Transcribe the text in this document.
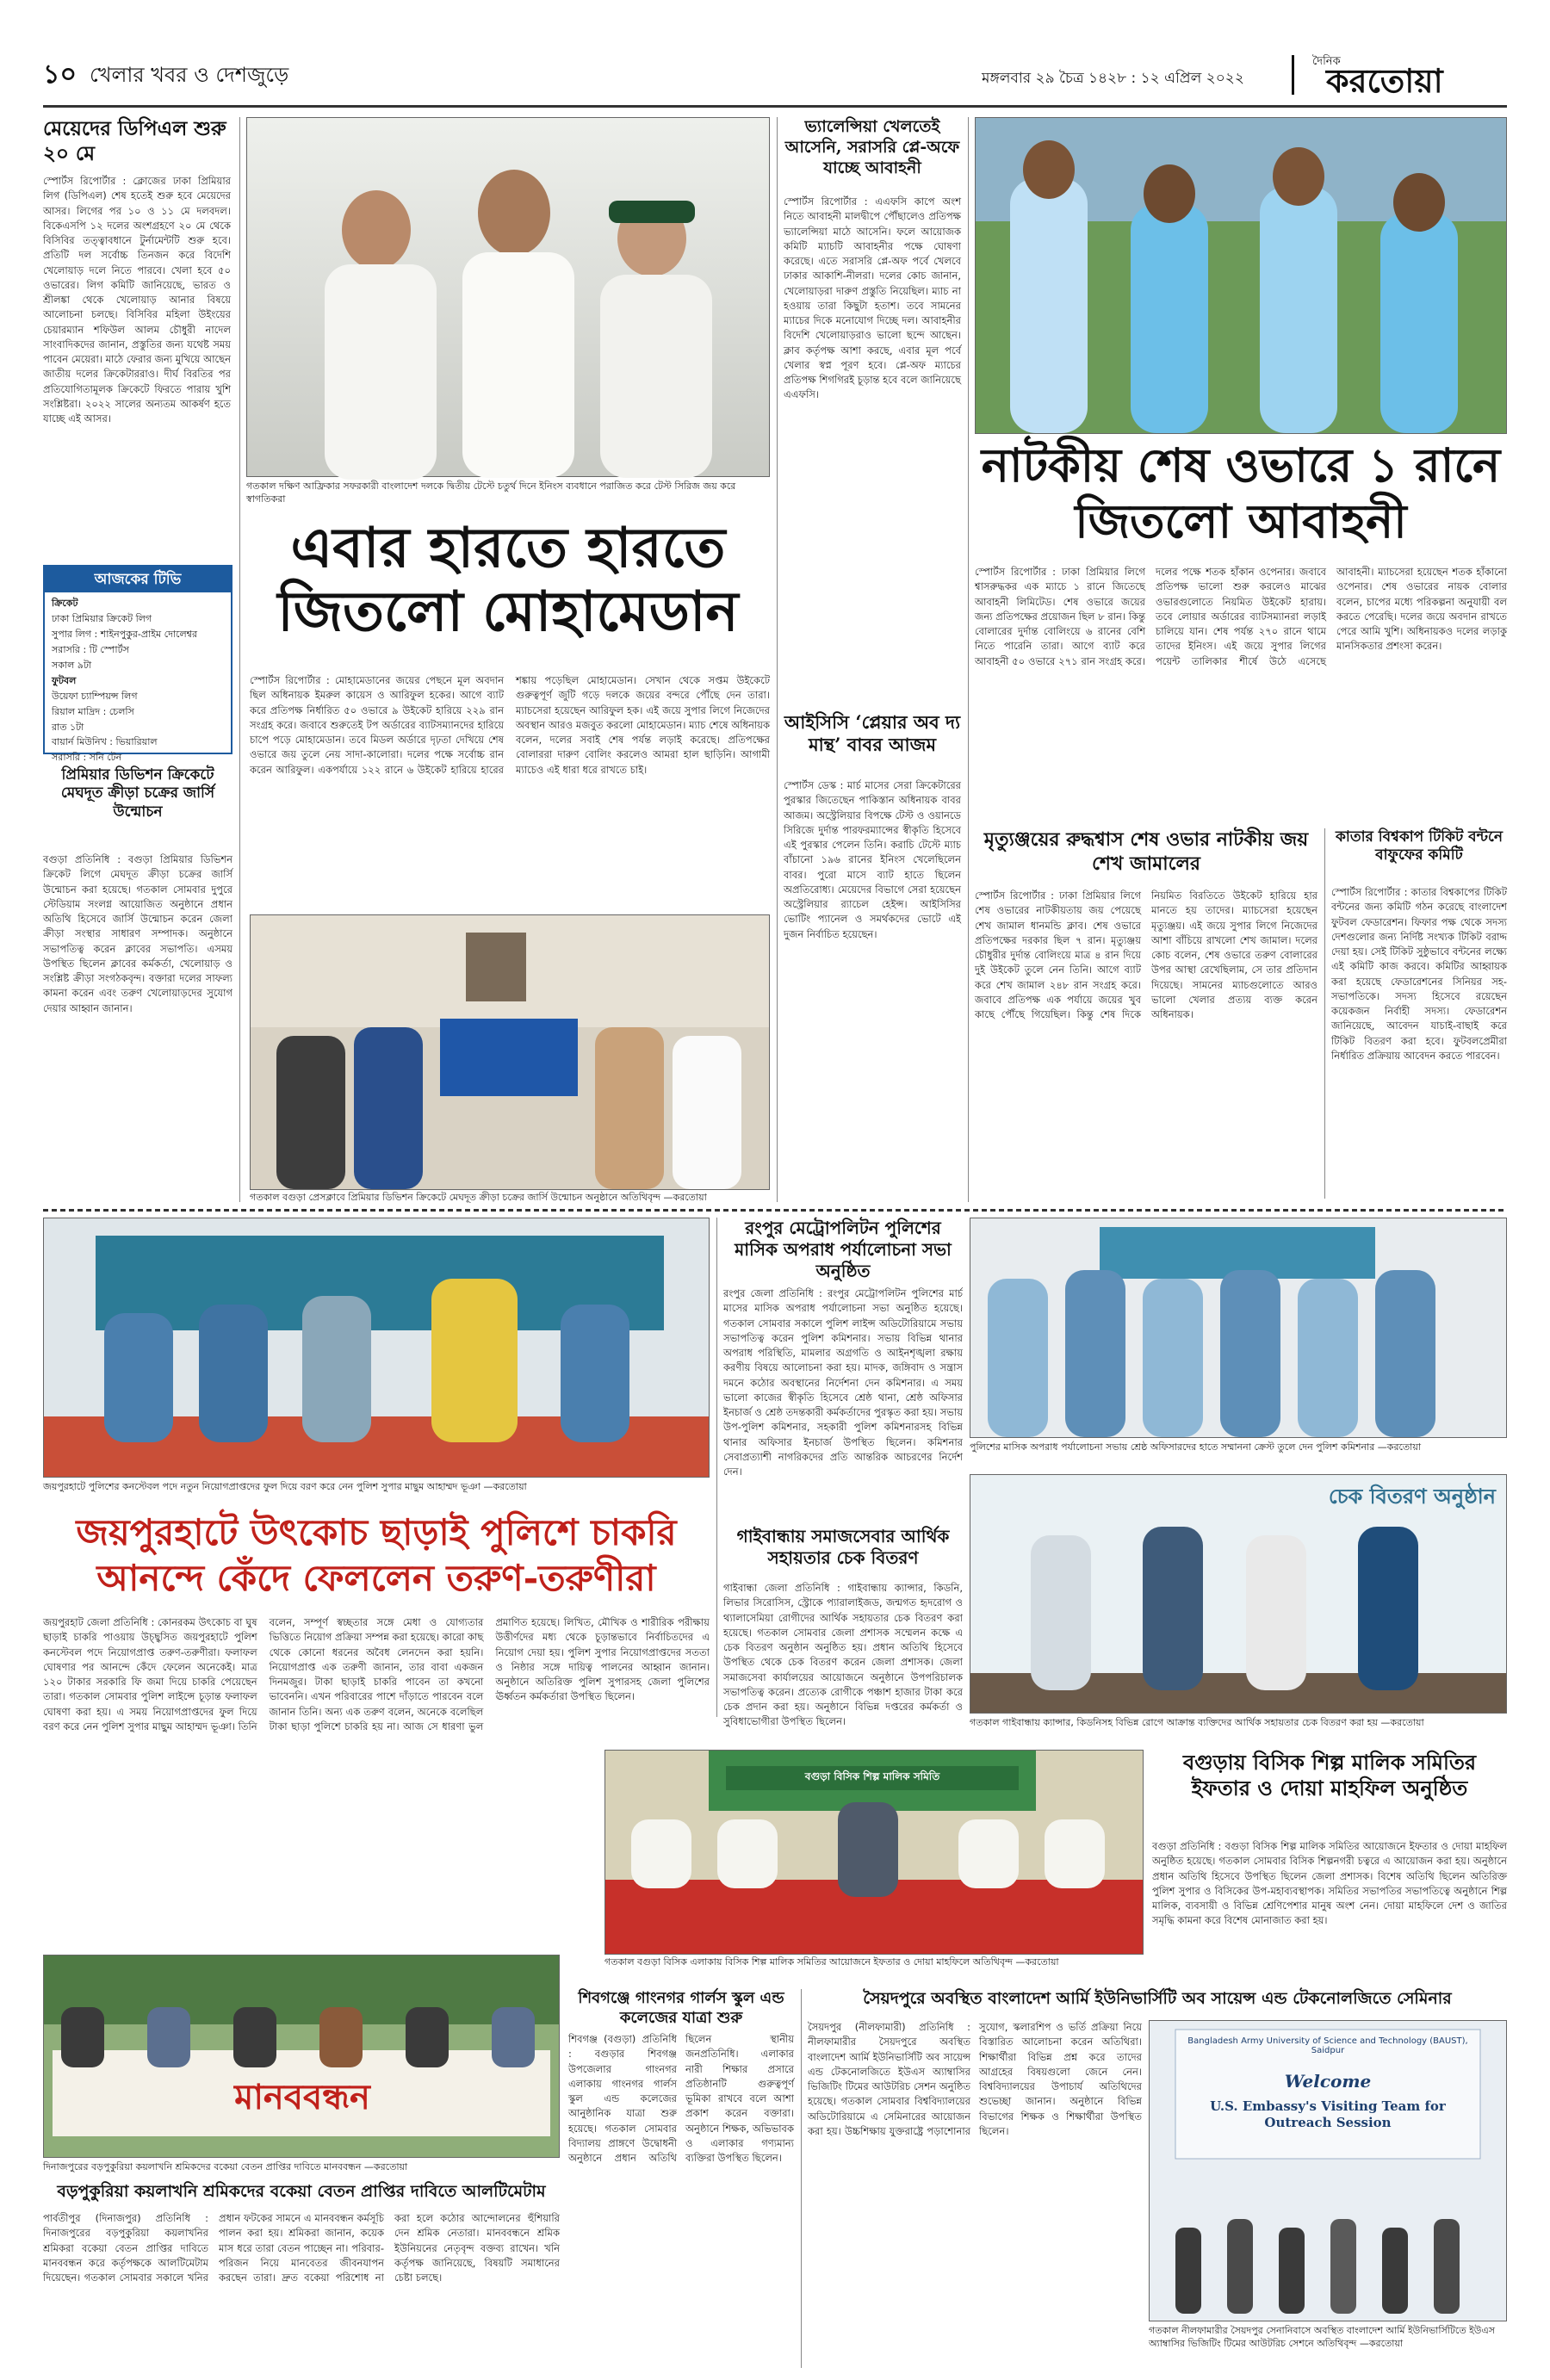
১০ খেলার খবর ও দেশজুড়ে	মঙ্গলবার ২৯ চৈত্র ১৪২৮ : ১২ এপ্রিল ২০২২
দৈনিক
করতোয়া
মেয়েদের ডিপিএল শুরু ২০ মে
স্পোর্টস রিপোর্টার : ক্লোজের ঢাকা প্রিমিয়ার লিগ (ডিপিএল) শেষ হতেই শুরু হবে মেয়েদের আসর। লিগের পর ১০ ও ১১ মে দলবদল। বিকেএসপি ১২ দলের অংশগ্রহণে ২০ মে থেকে বিসিবির তত্ত্বাবধানে টুর্নামেন্টটি শুরু হবে। প্রতিটি দল সর্বোচ্চ তিনজন করে বিদেশি খেলোয়াড় দলে নিতে পারবে। খেলা হবে ৫০ ওভারের। লিগ কমিটি জানিয়েছে, ভারত ও শ্রীলঙ্কা থেকে খেলোয়াড় আনার বিষয়ে আলোচনা চলছে। বিসিবির মহিলা উইংয়ের চেয়ারম্যান শফিউল আলম চৌধুরী নাদেল সাংবাদিকদের জানান, প্রস্তুতির জন্য যথেষ্ট সময় পাবেন মেয়েরা। মাঠে ফেরার জন্য মুখিয়ে আছেন জাতীয় দলের ক্রিকেটাররাও। দীর্ঘ বিরতির পর প্রতিযোগিতামূলক ক্রিকেটে ফিরতে পারায় খুশি সংশ্লিষ্টরা। ২০২২ সালের অন্যতম আকর্ষণ হতে যাচ্ছে এই আসর।
আজকের টিভি
ক্রিকেট
ঢাকা প্রিমিয়ার ক্রিকেট লিগ
সুপার লিগ : শাইনপুকুর-প্রাইম দোলেশ্বর
সরাসরি : টি স্পোর্টস
সকাল ৯টা
ফুটবল
উয়েফা চ্যাম্পিয়ন্স লিগ
রিয়াল মাদ্রিদ : চেলসি
রাত ১টা
বায়ার্ন মিউনিখ : ভিয়ারিয়াল
সরাসরি : সনি টেন
প্রিমিয়ার ডিভিশন ক্রিকেটে মেঘদূত ক্রীড়া চক্রের জার্সি উন্মোচন
বগুড়া প্রতিনিধি : বগুড়া প্রিমিয়ার ডিভিশন ক্রিকেট লিগে মেঘদূত ক্রীড়া চক্রের জার্সি উন্মোচন করা হয়েছে। গতকাল সোমবার দুপুরে স্টেডিয়াম সংলগ্ন আয়োজিত অনুষ্ঠানে প্রধান অতিথি হিসেবে জার্সি উন্মোচন করেন জেলা ক্রীড়া সংস্থার সাধারণ সম্পাদক। অনুষ্ঠানে সভাপতিত্ব করেন ক্লাবের সভাপতি। এসময় উপস্থিত ছিলেন ক্লাবের কর্মকর্তা, খেলোয়াড় ও সংশ্লিষ্ট ক্রীড়া সংগঠকবৃন্দ। বক্তারা দলের সাফল্য কামনা করেন এবং তরুণ খেলোয়াড়দের সুযোগ দেয়ার আহ্বান জানান।
গতকাল দক্ষিণ আফ্রিকার সফরকারী বাংলাদেশ দলকে দ্বিতীয় টেস্টে চতুর্থ দিনে ইনিংস ব্যবধানে পরাজিত করে টেস্ট সিরিজ জয় করে স্বাগতিকরা
এবার হারতে হারতে জিতলো মোহামেডান
স্পোর্টস রিপোর্টার : মোহামেডানের জয়ের পেছনে মূল অবদান ছিল অধিনায়ক ইমরুল কায়েস ও আরিফুল হকের। আগে ব্যাট করে প্রতিপক্ষ নির্ধারিত ৫০ ওভারে ৯ উইকেট হারিয়ে ২২৯ রান সংগ্রহ করে। জবাবে শুরুতেই টপ অর্ডারের ব্যাটসম্যানদের হারিয়ে চাপে পড়ে মোহামেডান। তবে মিডল অর্ডারে দৃঢ়তা দেখিয়ে শেষ ওভারে জয় তুলে নেয় সাদা-কালোরা। দলের পক্ষে সর্বোচ্চ রান করেন আরিফুল। একপর্যায়ে ১২২ রানে ৬ উইকেট হারিয়ে হারের শঙ্কায় পড়েছিল মোহামেডান। সেখান থেকে সপ্তম উইকেটে গুরুত্বপূর্ণ জুটি গড়ে দলকে জয়ের বন্দরে পৌঁছে দেন তারা। ম্যাচসেরা হয়েছেন আরিফুল হক। এই জয়ে সুপার লিগে নিজেদের অবস্থান আরও মজবুত করলো মোহামেডান। ম্যাচ শেষে অধিনায়ক বলেন, দলের সবাই শেষ পর্যন্ত লড়াই করেছে। প্রতিপক্ষের বোলাররা দারুণ বোলিং করলেও আমরা হাল ছাড়িনি। আগামী ম্যাচেও এই ধারা ধরে রাখতে চাই।
গতকাল বগুড়া প্রেসক্লাবে প্রিমিয়ার ডিভিশন ক্রিকেটে মেঘদূত ক্রীড়া চক্রের জার্সি উন্মোচন অনুষ্ঠানে অতিথিবৃন্দ —করতোয়া
ভ্যালেন্সিয়া খেলতেই আসেনি, সরাসরি প্লে-অফে যাচ্ছে আবাহনী
স্পোর্টস রিপোর্টার : এএফসি কাপে অংশ নিতে আবাহনী মালদ্বীপে পৌঁছালেও প্রতিপক্ষ ভ্যালেন্সিয়া মাঠে আসেনি। ফলে আয়োজক কমিটি ম্যাচটি আবাহনীর পক্ষে ঘোষণা করেছে। এতে সরাসরি প্লে-অফ পর্বে খেলবে ঢাকার আকাশি-নীলরা। দলের কোচ জানান, খেলোয়াড়রা দারুণ প্রস্তুতি নিয়েছিল। ম্যাচ না হওয়ায় তারা কিছুটা হতাশ। তবে সামনের ম্যাচের দিকে মনোযোগ দিচ্ছে দল। আবাহনীর বিদেশি খেলোয়াড়রাও ভালো ছন্দে আছেন। ক্লাব কর্তৃপক্ষ আশা করছে, এবার মূল পর্বে খেলার স্বপ্ন পূরণ হবে। প্লে-অফ ম্যাচের প্রতিপক্ষ শিগগিরই চূড়ান্ত হবে বলে জানিয়েছে এএফসি।
আইসিসি ‘প্লেয়ার অব দ্য মান্থ’ বাবর আজম
স্পোর্টস ডেস্ক : মার্চ মাসের সেরা ক্রিকেটারের পুরস্কার জিতেছেন পাকিস্তান অধিনায়ক বাবর আজম। অস্ট্রেলিয়ার বিপক্ষে টেস্ট ও ওয়ানডে সিরিজে দুর্দান্ত পারফরম্যান্সের স্বীকৃতি হিসেবে এই পুরস্কার পেলেন তিনি। করাচি টেস্টে ম্যাচ বাঁচানো ১৯৬ রানের ইনিংস খেলেছিলেন বাবর। পুরো মাসে ব্যাট হাতে ছিলেন অপ্রতিরোধ্য। মেয়েদের বিভাগে সেরা হয়েছেন অস্ট্রেলিয়ার র‍্যাচেল হেইন্স। আইসিসির ভোটিং প্যানেল ও সমর্থকদের ভোটে এই দুজন নির্বাচিত হয়েছেন।
নাটকীয় শেষ ওভারে ১ রানে জিতলো আবাহনী
স্পোর্টস রিপোর্টার : ঢাকা প্রিমিয়ার লিগে শ্বাসরুদ্ধকর এক ম্যাচে ১ রানে জিতেছে আবাহনী লিমিটেড। শেষ ওভারে জয়ের জন্য প্রতিপক্ষের প্রয়োজন ছিল ৮ রান। কিন্তু বোলারের দুর্দান্ত বোলিংয়ে ৬ রানের বেশি নিতে পারেনি তারা। আগে ব্যাট করে আবাহনী ৫০ ওভারে ২৭১ রান সংগ্রহ করে। দলের পক্ষে শতক হাঁকান ওপেনার। জবাবে প্রতিপক্ষ ভালো শুরু করলেও মাঝের ওভারগুলোতে নিয়মিত উইকেট হারায়। তবে লোয়ার অর্ডারের ব্যাটসম্যানরা লড়াই চালিয়ে যান। শেষ পর্যন্ত ২৭০ রানে থামে তাদের ইনিংস। এই জয়ে সুপার লিগের পয়েন্ট তালিকার শীর্ষে উঠে এসেছে আবাহনী। ম্যাচসেরা হয়েছেন শতক হাঁকানো ওপেনার। শেষ ওভারের নায়ক বোলার বলেন, চাপের মধ্যে পরিকল্পনা অনুযায়ী বল করতে পেরেছি। দলের জয়ে অবদান রাখতে পেরে আমি খুশি। অধিনায়কও দলের লড়াকু মানসিকতার প্রশংসা করেন।
মৃত্যুঞ্জয়ের রুদ্ধশ্বাস শেষ ওভার নাটকীয় জয় শেখ জামালের
স্পোর্টস রিপোর্টার : ঢাকা প্রিমিয়ার লিগে শেষ ওভারের নাটকীয়তায় জয় পেয়েছে শেখ জামাল ধানমন্ডি ক্লাব। শেষ ওভারে প্রতিপক্ষের দরকার ছিল ৭ রান। মৃত্যুঞ্জয় চৌধুরীর দুর্দান্ত বোলিংয়ে মাত্র ৪ রান দিয়ে দুই উইকেট তুলে নেন তিনি। আগে ব্যাট করে শেখ জামাল ২৪৮ রান সংগ্রহ করে। জবাবে প্রতিপক্ষ এক পর্যায়ে জয়ের খুব কাছে পৌঁছে গিয়েছিল। কিন্তু শেষ দিকে নিয়মিত বিরতিতে উইকেট হারিয়ে হার মানতে হয় তাদের। ম্যাচসেরা হয়েছেন মৃত্যুঞ্জয়। এই জয়ে সুপার লিগে নিজেদের আশা বাঁচিয়ে রাখলো শেখ জামাল। দলের কোচ বলেন, শেষ ওভারে তরুণ বোলারের উপর আস্থা রেখেছিলাম, সে তার প্রতিদান দিয়েছে। সামনের ম্যাচগুলোতে আরও ভালো খেলার প্রত্যয় ব্যক্ত করেন অধিনায়ক।
কাতার বিশ্বকাপ টিকিট বন্টনে বাফুফের কমিটি
স্পোর্টস রিপোর্টার : কাতার বিশ্বকাপের টিকিট বন্টনের জন্য কমিটি গঠন করেছে বাংলাদেশ ফুটবল ফেডারেশন। ফিফার পক্ষ থেকে সদস্য দেশগুলোর জন্য নির্দিষ্ট সংখ্যক টিকিট বরাদ্দ দেয়া হয়। সেই টিকিট সুষ্ঠুভাবে বন্টনের লক্ষ্যে এই কমিটি কাজ করবে। কমিটির আহ্বায়ক করা হয়েছে ফেডারেশনের সিনিয়র সহ-সভাপতিকে। সদস্য হিসেবে রয়েছেন কয়েকজন নির্বাহী সদস্য। ফেডারেশন জানিয়েছে, আবেদন যাচাই-বাছাই করে টিকিট বিতরণ করা হবে। ফুটবলপ্রেমীরা নির্ধারিত প্রক্রিয়ায় আবেদন করতে পারবেন।
জয়পুরহাটে পুলিশের কনস্টেবল পদে নতুন নিয়োগপ্রাপ্তদের ফুল দিয়ে বরণ করে নেন পুলিশ সুপার মাছুম আহাম্মদ ভূঞা —করতোয়া
জয়পুরহাটে উৎকোচ ছাড়াই পুলিশে চাকরি আনন্দে কেঁদে ফেললেন তরুণ-তরুণীরা
জয়পুরহাট জেলা প্রতিনিধি : কোনরকম উৎকোচ বা ঘুষ ছাড়াই চাকরি পাওয়ায় উচ্ছ্বসিত জয়পুরহাটে পুলিশ কনস্টেবল পদে নিয়োগপ্রাপ্ত তরুণ-তরুণীরা। ফলাফল ঘোষণার পর আনন্দে কেঁদে ফেলেন অনেকেই। মাত্র ১২০ টাকার সরকারি ফি জমা দিয়ে চাকরি পেয়েছেন তারা। গতকাল সোমবার পুলিশ লাইন্সে চূড়ান্ত ফলাফল ঘোষণা করা হয়। এ সময় নিয়োগপ্রাপ্তদের ফুল দিয়ে বরণ করে নেন পুলিশ সুপার মাছুম আহাম্মদ ভূঞা। তিনি বলেন, সম্পূর্ণ স্বচ্ছতার সঙ্গে মেধা ও যোগ্যতার ভিত্তিতে নিয়োগ প্রক্রিয়া সম্পন্ন করা হয়েছে। কারো কাছ থেকে কোনো ধরনের অবৈধ লেনদেন করা হয়নি। নিয়োগপ্রাপ্ত এক তরুণী জানান, তার বাবা একজন দিনমজুর। টাকা ছাড়াই চাকরি পাবেন তা কখনো ভাবেননি। এখন পরিবারের পাশে দাঁড়াতে পারবেন বলে জানান তিনি। অন্য এক তরুণ বলেন, অনেকে বলেছিল টাকা ছাড়া পুলিশে চাকরি হয় না। আজ সে ধারণা ভুল প্রমাণিত হয়েছে। লিখিত, মৌখিক ও শারীরিক পরীক্ষায় উত্তীর্ণদের মধ্য থেকে চূড়ান্তভাবে নির্বাচিতদের এ নিয়োগ দেয়া হয়। পুলিশ সুপার নিয়োগপ্রাপ্তদের সততা ও নিষ্ঠার সঙ্গে দায়িত্ব পালনের আহ্বান জানান। অনুষ্ঠানে অতিরিক্ত পুলিশ সুপারসহ জেলা পুলিশের ঊর্ধ্বতন কর্মকর্তারা উপস্থিত ছিলেন।
মানববন্ধন
দিনাজপুরের বড়পুকুরিয়া কয়লাখনি শ্রমিকদের বকেয়া বেতন প্রাপ্তির দাবিতে মানববন্ধন —করতোয়া
বড়পুকুরিয়া কয়লাখনি শ্রমিকদের বকেয়া বেতন প্রাপ্তির দাবিতে আলটিমেটাম
পার্বতীপুর (দিনাজপুর) প্রতিনিধি : দিনাজপুরের বড়পুকুরিয়া কয়লাখনির শ্রমিকরা বকেয়া বেতন প্রাপ্তির দাবিতে মানববন্ধন করে কর্তৃপক্ষকে আলটিমেটাম দিয়েছেন। গতকাল সোমবার সকালে খনির প্রধান ফটকের সামনে এ মানববন্ধন কর্মসূচি পালন করা হয়। শ্রমিকরা জানান, কয়েক মাস ধরে তারা বেতন পাচ্ছেন না। পরিবার-পরিজন নিয়ে মানবেতর জীবনযাপন করছেন তারা। দ্রুত বকেয়া পরিশোধ না করা হলে কঠোর আন্দোলনের হুঁশিয়ারি দেন শ্রমিক নেতারা। মানববন্ধনে শ্রমিক ইউনিয়নের নেতৃবৃন্দ বক্তব্য রাখেন। খনি কর্তৃপক্ষ জানিয়েছে, বিষয়টি সমাধানের চেষ্টা চলছে।
রংপুর মেট্রোপলিটন পুলিশের মাসিক অপরাধ পর্যালোচনা সভা অনুষ্ঠিত
রংপুর জেলা প্রতিনিধি : রংপুর মেট্রোপলিটন পুলিশের মার্চ মাসের মাসিক অপরাধ পর্যালোচনা সভা অনুষ্ঠিত হয়েছে। গতকাল সোমবার সকালে পুলিশ লাইন্স অডিটোরিয়ামে সভায় সভাপতিত্ব করেন পুলিশ কমিশনার। সভায় বিভিন্ন থানার অপরাধ পরিস্থিতি, মামলার অগ্রগতি ও আইনশৃঙ্খলা রক্ষায় করণীয় বিষয়ে আলোচনা করা হয়। মাদক, জঙ্গিবাদ ও সন্ত্রাস দমনে কঠোর অবস্থানের নির্দেশনা দেন কমিশনার। এ সময় ভালো কাজের স্বীকৃতি হিসেবে শ্রেষ্ঠ থানা, শ্রেষ্ঠ অফিসার ইনচার্জ ও শ্রেষ্ঠ তদন্তকারী কর্মকর্তাদের পুরস্কৃত করা হয়। সভায় উপ-পুলিশ কমিশনার, সহকারী পুলিশ কমিশনারসহ বিভিন্ন থানার অফিসার ইনচার্জ উপস্থিত ছিলেন। কমিশনার সেবাপ্রত্যাশী নাগরিকদের প্রতি আন্তরিক আচরণের নির্দেশ দেন।
গাইবান্ধায় সমাজসেবার আর্থিক সহায়তার চেক বিতরণ
গাইবান্ধা জেলা প্রতিনিধি : গাইবান্ধায় ক্যান্সার, কিডনি, লিভার সিরোসিস, স্ট্রোকে প্যারালাইজড, জন্মগত হৃদরোগ ও থ্যালাসেমিয়া রোগীদের আর্থিক সহায়তার চেক বিতরণ করা হয়েছে। গতকাল সোমবার জেলা প্রশাসক সম্মেলন কক্ষে এ চেক বিতরণ অনুষ্ঠান অনুষ্ঠিত হয়। প্রধান অতিথি হিসেবে উপস্থিত থেকে চেক বিতরণ করেন জেলা প্রশাসক। জেলা সমাজসেবা কার্যালয়ের আয়োজনে অনুষ্ঠানে উপপরিচালক সভাপতিত্ব করেন। প্রত্যেক রোগীকে পঞ্চাশ হাজার টাকা করে চেক প্রদান করা হয়। অনুষ্ঠানে বিভিন্ন দপ্তরের কর্মকর্তা ও সুবিধাভোগীরা উপস্থিত ছিলেন।
পুলিশের মাসিক অপরাধ পর্যালোচনা সভায় শ্রেষ্ঠ অফিসারদের হাতে সম্মাননা ক্রেস্ট তুলে দেন পুলিশ কমিশনার —করতোয়া
চেক বিতরণ অনুষ্ঠান
গতকাল গাইবান্ধায় ক্যান্সার, কিডনিসহ বিভিন্ন রোগে আক্রান্ত ব্যক্তিদের আর্থিক সহায়তার চেক বিতরণ করা হয় —করতোয়া
বগুড়া বিসিক শিল্প মালিক সমিতি
গতকাল বগুড়া বিসিক এলাকায় বিসিক শিল্প মালিক সমিতির আয়োজনে ইফতার ও দোয়া মাহফিলে অতিথিবৃন্দ —করতোয়া
বগুড়ায় বিসিক শিল্প মালিক সমিতির ইফতার ও দোয়া মাহফিল অনুষ্ঠিত
বগুড়া প্রতিনিধি : বগুড়া বিসিক শিল্প মালিক সমিতির আয়োজনে ইফতার ও দোয়া মাহফিল অনুষ্ঠিত হয়েছে। গতকাল সোমবার বিসিক শিল্পনগরী চত্বরে এ আয়োজন করা হয়। অনুষ্ঠানে প্রধান অতিথি হিসেবে উপস্থিত ছিলেন জেলা প্রশাসক। বিশেষ অতিথি ছিলেন অতিরিক্ত পুলিশ সুপার ও বিসিকের উপ-মহাব্যবস্থাপক। সমিতির সভাপতির সভাপতিত্বে অনুষ্ঠানে শিল্প মালিক, ব্যবসায়ী ও বিভিন্ন শ্রেণিপেশার মানুষ অংশ নেন। দোয়া মাহফিলে দেশ ও জাতির সমৃদ্ধি কামনা করে বিশেষ মোনাজাত করা হয়।
শিবগঞ্জে গাংনগর গার্লস স্কুল এন্ড কলেজের যাত্রা শুরু
শিবগঞ্জ (বগুড়া) প্রতিনিধি : বগুড়ার শিবগঞ্জ উপজেলার গাংনগর এলাকায় গাংনগর গার্লস স্কুল এন্ড কলেজের আনুষ্ঠানিক যাত্রা শুরু হয়েছে। গতকাল সোমবার বিদ্যালয় প্রাঙ্গণে উদ্বোধনী অনুষ্ঠানে প্রধান অতিথি ছিলেন স্থানীয় জনপ্রতিনিধি। এলাকার নারী শিক্ষার প্রসারে প্রতিষ্ঠানটি গুরুত্বপূর্ণ ভূমিকা রাখবে বলে আশা প্রকাশ করেন বক্তারা। অনুষ্ঠানে শিক্ষক, অভিভাবক ও এলাকার গণ্যমান্য ব্যক্তিরা উপস্থিত ছিলেন।
সৈয়দপুরে অবস্থিত বাংলাদেশ আর্মি ইউনিভার্সিটি অব সায়েন্স এন্ড টেকনোলজিতে সেমিনার
সৈয়দপুর (নীলফামারী) প্রতিনিধি : নীলফামারীর সৈয়দপুরে অবস্থিত বাংলাদেশ আর্মি ইউনিভার্সিটি অব সায়েন্স এন্ড টেকনোলজিতে ইউএস অ্যাম্বাসির ভিজিটিং টিমের আউটরিচ সেশন অনুষ্ঠিত হয়েছে। গতকাল সোমবার বিশ্ববিদ্যালয়ের অডিটোরিয়ামে এ সেমিনারের আয়োজন করা হয়। উচ্চশিক্ষায় যুক্তরাষ্ট্রে পড়াশোনার সুযোগ, স্কলারশিপ ও ভর্তি প্রক্রিয়া নিয়ে বিস্তারিত আলোচনা করেন অতিথিরা। শিক্ষার্থীরা বিভিন্ন প্রশ্ন করে তাদের আগ্রহের বিষয়গুলো জেনে নেন। বিশ্ববিদ্যালয়ের উপাচার্য অতিথিদের শুভেচ্ছা জানান। অনুষ্ঠানে বিভিন্ন বিভাগের শিক্ষক ও শিক্ষার্থীরা উপস্থিত ছিলেন।
Bangladesh Army University of Science and Technology (BAUST), Saidpur
Welcome
U.S. Embassy's Visiting Team for Outreach Session
গতকাল নীলফামারীর সৈয়দপুর সেনানিবাসে অবস্থিত বাংলাদেশ আর্মি ইউনিভার্সিটিতে ইউএস অ্যাম্বাসির ভিজিটিং টিমের আউটরিচ সেশনে অতিথিবৃন্দ —করতোয়া
